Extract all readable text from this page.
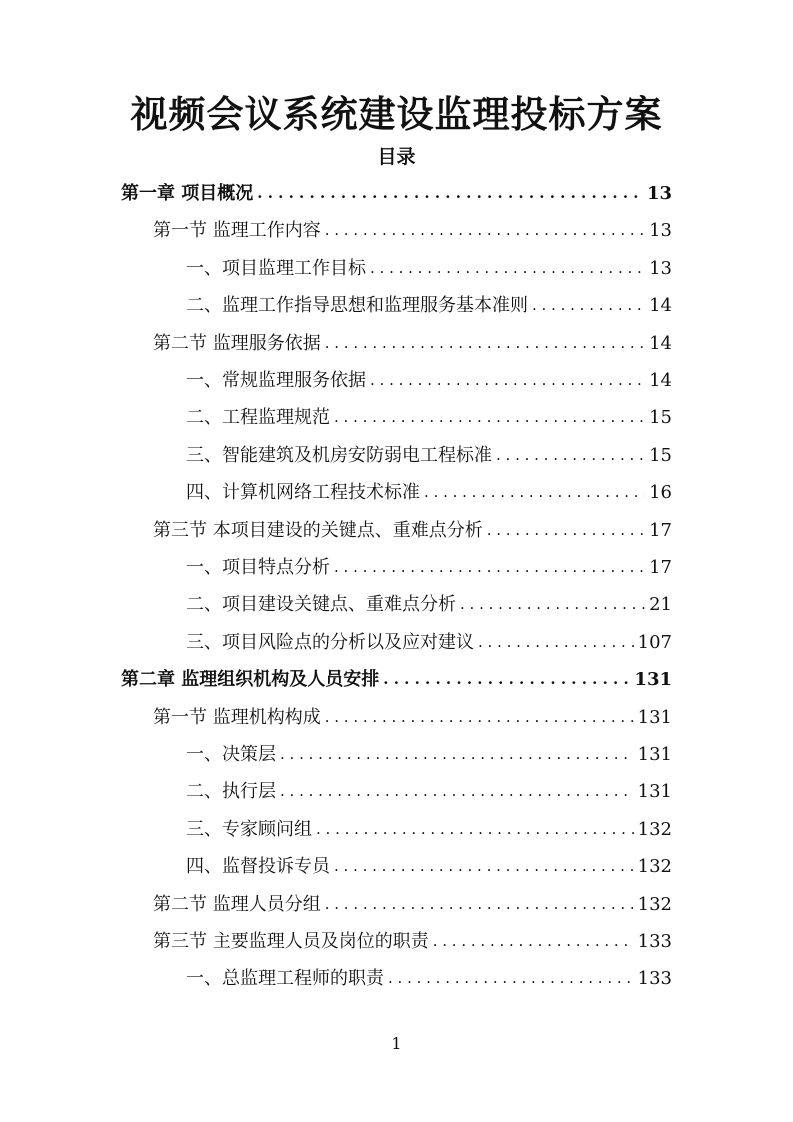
视频会议系统建设监理投标方案
目录
第一章 项目概况 . . .	13
第一节 监理工作内容 . . .	13
一、项目监理工作目标 . . .	13
二、监理工作指导思想和监理服务基本准则 . . .	14
第二节 监理服务依据 . . .	14
一、常规监理服务依据 . . .	14
二、工程监理规范 . . .	15
三、智能建筑及机房安防弱电工程标准 . . .	15
四、计算机网络工程技术标准 . . .	16
第三节 本项目建设的关键点、重难点分析 . . .	17
一、项目特点分析 . . .	17
二、项目建设关键点、重难点分析 . . .	21
三、项目风险点的分析以及应对建议 . . .	107
第二章 监理组织机构及人员安排 . . .	131
第一节 监理机构构成 . . .	131
一、决策层 . . .	131
二、执行层 . . .	131
三、专家顾问组 . . .	132
四、监督投诉专员 . . .	132
第二节 监理人员分组 . . .	132
第三节 主要监理人员及岗位的职责 . . .	133
一、总监理工程师的职责 . . .	133
1
